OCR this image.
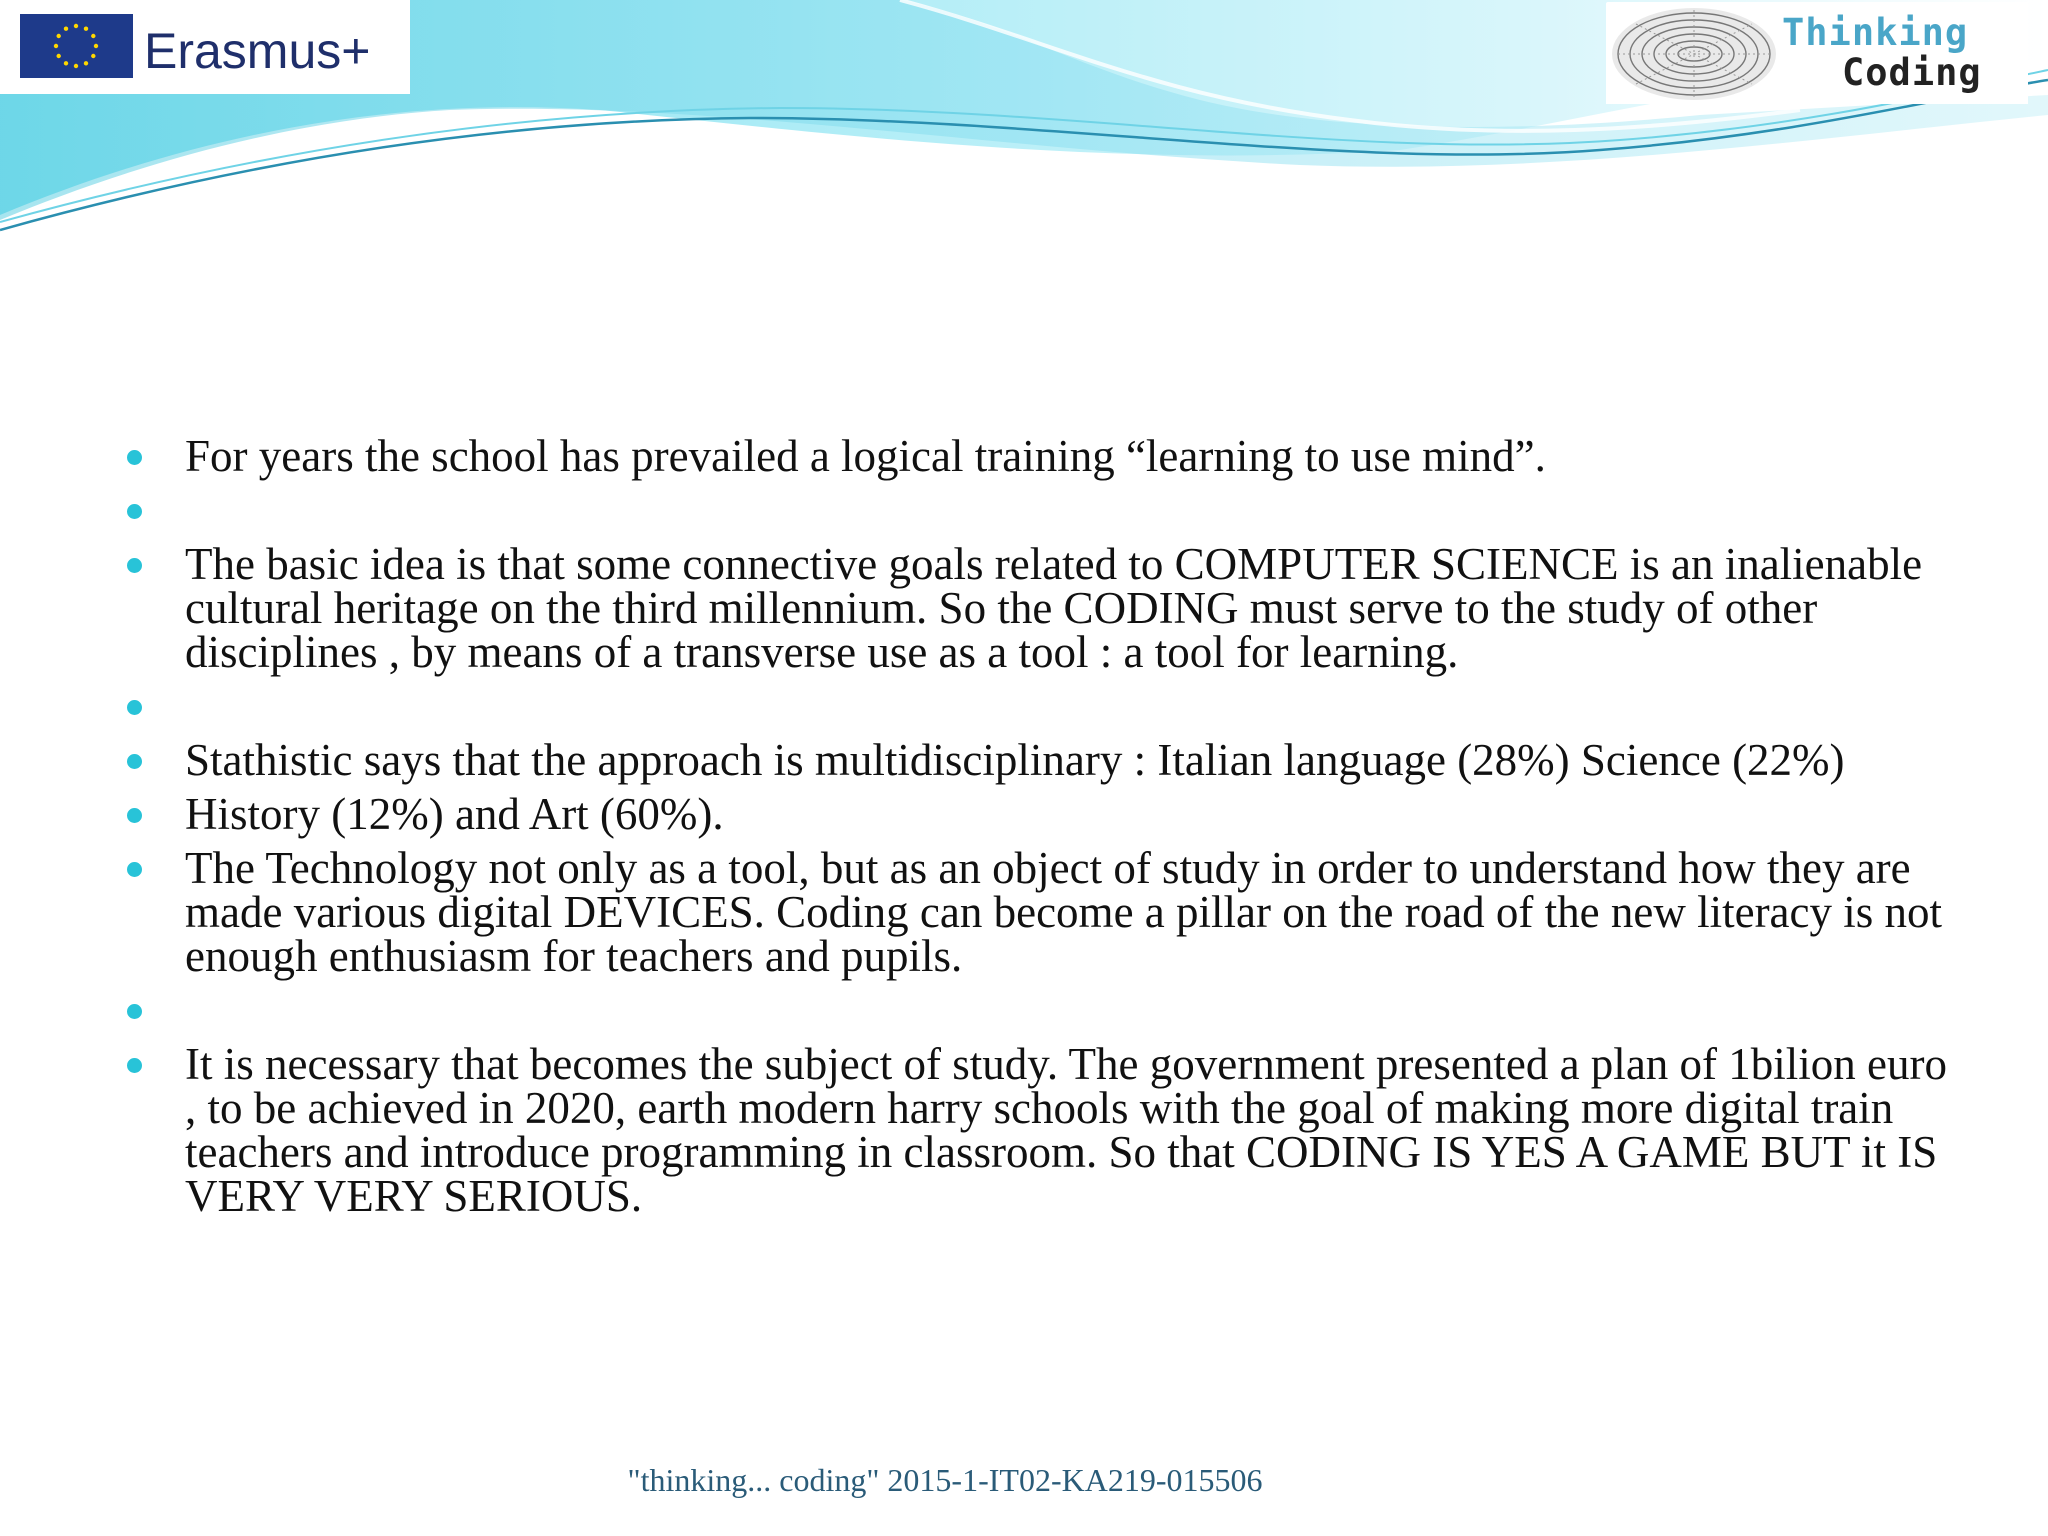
Erasmus+	Thinking
Coding
For years the school has prevailed a logical training “learning to use mind”.
The basic idea is that some connective goals related to COMPUTER SCIENCE is an inalienable cultural heritage on the third millennium. So the CODING must serve to the study of other disciplines , by means of a transverse use as a tool : a tool for learning.
Stathistic says that the approach is multidisciplinary : Italian language (28%) Science (22%)
History (12%) and Art (60%).
The Technology not only as a tool, but as an object of study in order to understand how they are made various digital DEVICES. Coding can become a pillar on the road of the new literacy is not enough enthusiasm for teachers and pupils.
It is necessary that becomes the subject of study. The government presented a plan of 1bilion euro , to be achieved in 2020, earth modern harry schools with the goal of making more digital train teachers and introduce programming in classroom. So that CODING IS YES A GAME BUT it IS VERY VERY SERIOUS.
"thinking... coding" 2015-1-IT02-KA219-015506
